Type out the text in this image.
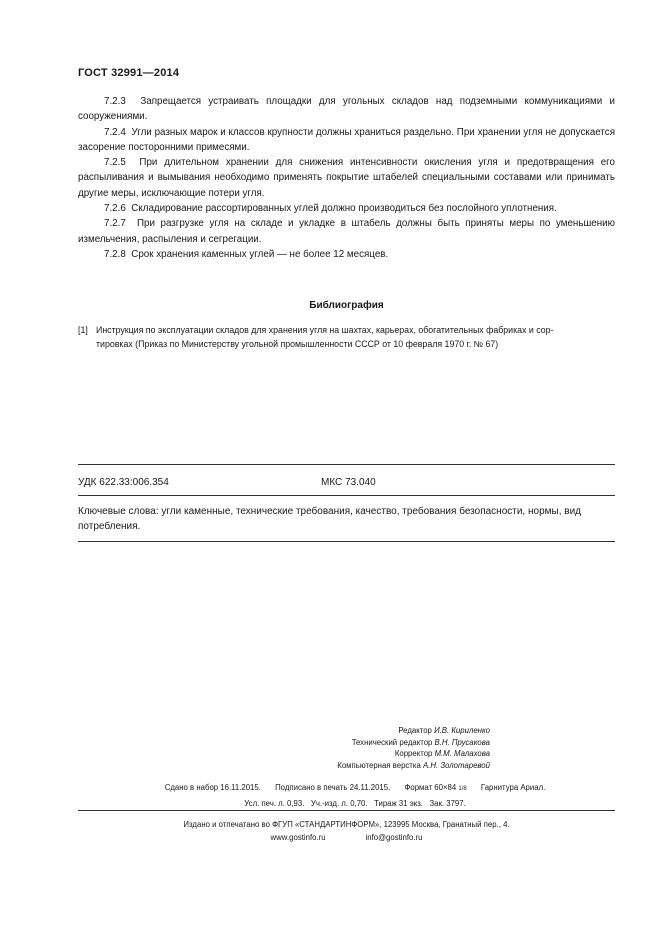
ГОСТ 32991—2014

7.2.3 Запрещается устраивать площадки для угольных складов над подземными коммуникациями и сооружениями.

7.2.4 Угли разных марок и классов крупности должны храниться раздельно. При хранении угля не допускается засорение посторонними примесями.

7.2.5 При длительном хранении для снижения интенсивности окисления угля и предотвращения его распыливания и вымывания необходимо применять покрытие штабелей специальными составами или принимать другие меры, исключающие потери угля.

7.2.6 Складирование рассортированных углей должно производиться без послойного уплотнения.

7.2.7 При разгрузке угля на складе и укладке в штабель должны быть приняты меры по уменьшению измельчения, распыления и сегрегации.

7.2.8 Срок хранения каменных углей — не более 12 месяцев.

Библиография
[1] Инструкция по эксплуатации складов для хранения угля на шахтах, карьерах, обогатительных фабриках и сор-
тировках (Приказ по Министерству угольной промышленности СССР от 10 февраля 1970 г. № 67)
УДК 622.33:006.354	МКС 73.040
Ключевые слова: угли каменные, технические требования, качество, требования безопасности, нормы, вид потребления.
Редактор И.В. Кириленко
Технический редактор В.Н. Прусакова
Корректор М.М. Малахова
Компьютерная верстка А.Н. Золотаревой
Сдано в набор 16.11.2015. Подписано в печать 24.11.2015. Формат 60×84 1/8 Гарнитура Ариал.
Усл. печ. л. 0,93. Уч.-изд. л. 0,70. Тираж 31 экз. Зак. 3797.
Издано и отпечатано во ФГУП «СТАНДАРТИНФОРМ», 123995 Москва, Гранатный пер., 4.
www.gostinfo.ru	info@gostinfo.ru
